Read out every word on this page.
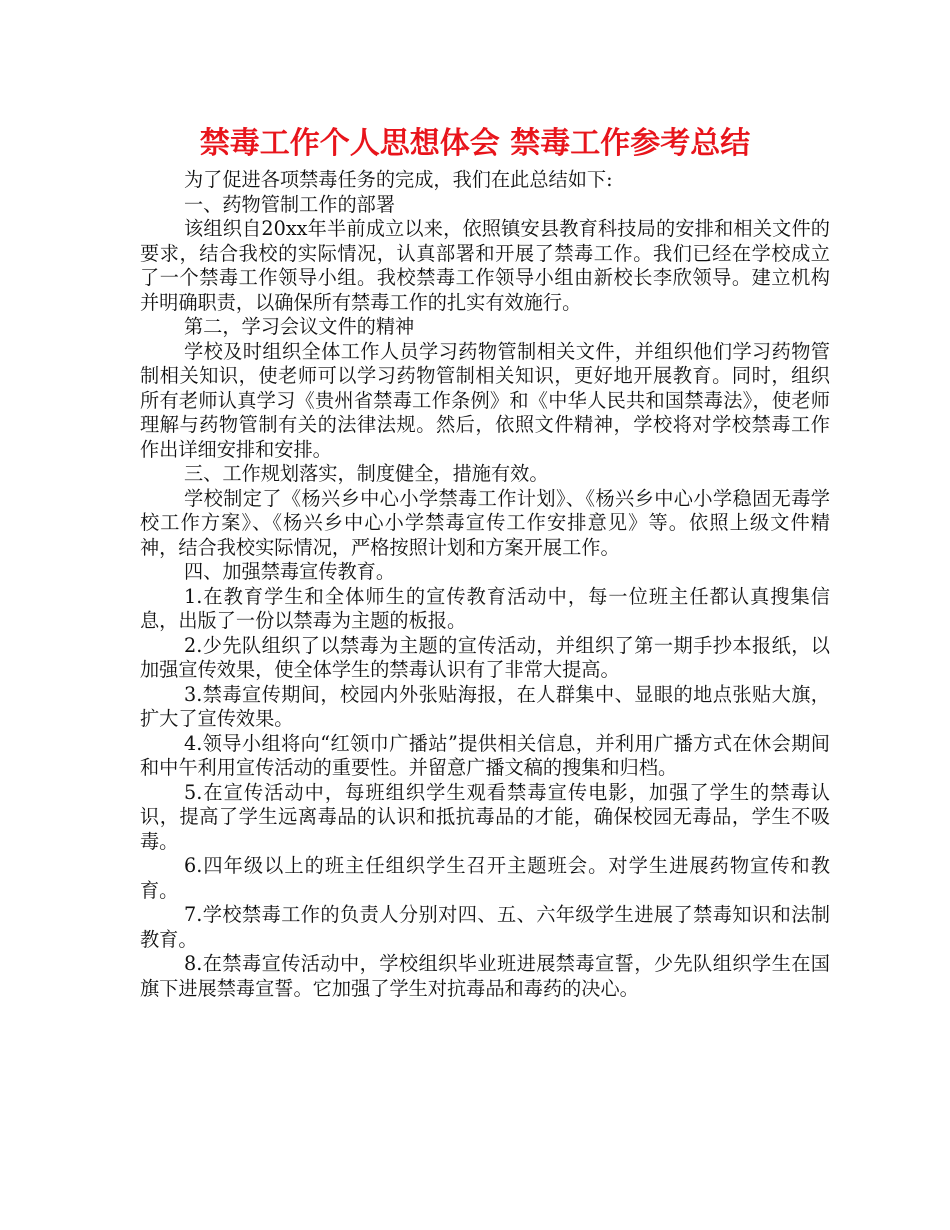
禁毒工作个人思想体会 禁毒工作参考总结

为了促进各项禁毒任务的完成，我们在此总结如下:

一、药物管制工作的部署

该组织自20xx年半前成立以来，依照镇安县教育科技局的安排和相关文件的要求，结合我校的实际情况，认真部署和开展了禁毒工作。我们已经在学校成立了一个禁毒工作领导小组。我校禁毒工作领导小组由新校长李欣领导。建立机构并明确职责，以确保所有禁毒工作的扎实有效施行。

第二，学习会议文件的精神

学校及时组织全体工作人员学习药物管制相关文件，并组织他们学习药物管制相关知识，使老师可以学习药物管制相关知识，更好地开展教育。同时，组织所有老师认真学习《贵州省禁毒工作条例》和《中华人民共和国禁毒法》，使老师理解与药物管制有关的法律法规。然后，依照文件精神，学校将对学校禁毒工作作出详细安排和安排。

三、工作规划落实，制度健全，措施有效。

学校制定了《杨兴乡中心小学禁毒工作计划》、《杨兴乡中心小学稳固无毒学校工作方案》、《杨兴乡中心小学禁毒宣传工作安排意见》等。依照上级文件精神，结合我校实际情况，严格按照计划和方案开展工作。

四、加强禁毒宣传教育。

1.在教育学生和全体师生的宣传教育活动中，每一位班主任都认真搜集信息，出版了一份以禁毒为主题的板报。

2.少先队组织了以禁毒为主题的宣传活动，并组织了第一期手抄本报纸，以加强宣传效果，使全体学生的禁毒认识有了非常大提高。

3.禁毒宣传期间，校园内外张贴海报，在人群集中、显眼的地点张贴大旗，扩大了宣传效果。

4.领导小组将向“红领巾广播站”提供相关信息，并利用广播方式在休会期间和中午利用宣传活动的重要性。并留意广播文稿的搜集和归档。

5.在宣传活动中，每班组织学生观看禁毒宣传电影，加强了学生的禁毒认识，提高了学生远离毒品的认识和抵抗毒品的才能，确保校园无毒品，学生不吸毒。

6.四年级以上的班主任组织学生召开主题班会。对学生进展药物宣传和教育。

7.学校禁毒工作的负责人分别对四、五、六年级学生进展了禁毒知识和法制教育。

8.在禁毒宣传活动中，学校组织毕业班进展禁毒宣誓，少先队组织学生在国旗下进展禁毒宣誓。它加强了学生对抗毒品和毒药的决心。
